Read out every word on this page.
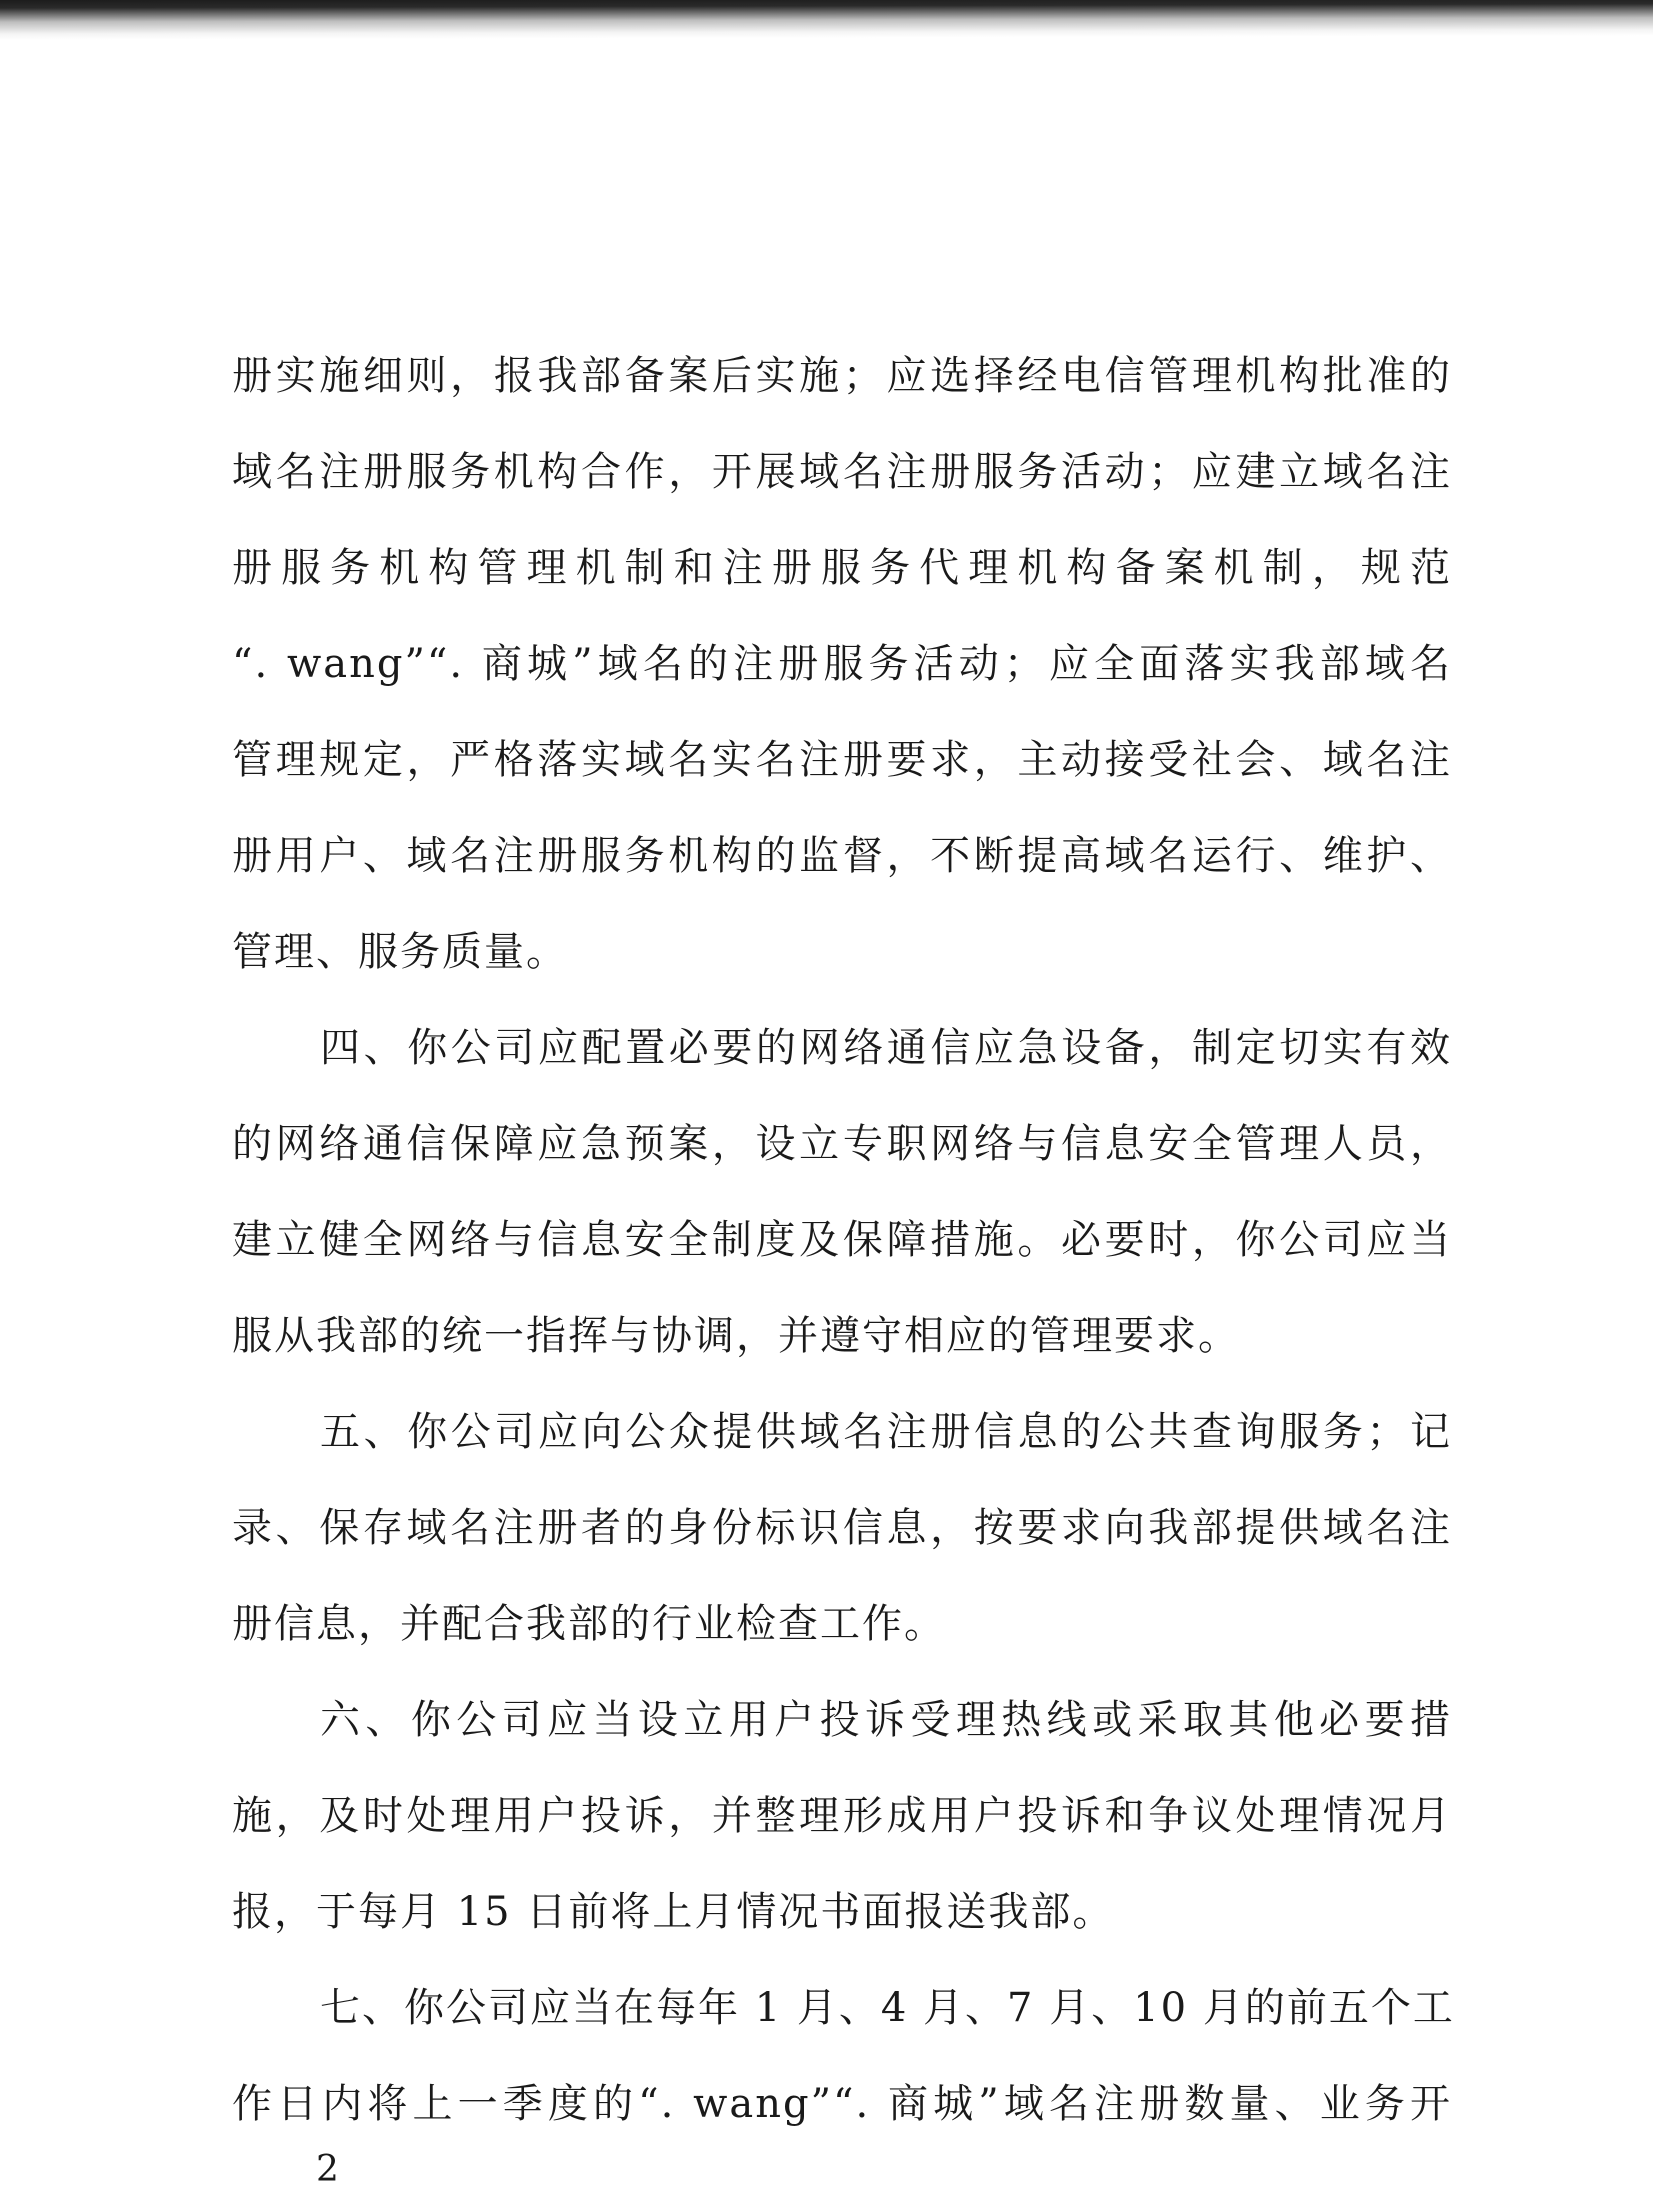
册实施细则，报我部备案后实施；应选择经电信管理机构批准的
域名注册服务机构合作，开展域名注册服务活动；应建立域名注
册服务机构管理机制和注册服务代理机构备案机制，规范
“. wang”“. 商城”域名的注册服务活动；应全面落实我部域名
管理规定，严格落实域名实名注册要求，主动接受社会、域名注
册用户、域名注册服务机构的监督，不断提高域名运行、维护、
管理、服务质量。
四、你公司应配置必要的网络通信应急设备，制定切实有效
的网络通信保障应急预案，设立专职网络与信息安全管理人员，
建立健全网络与信息安全制度及保障措施。必要时，你公司应当
服从我部的统一指挥与协调，并遵守相应的管理要求。
五、你公司应向公众提供域名注册信息的公共查询服务；记
录、保存域名注册者的身份标识信息，按要求向我部提供域名注
册信息，并配合我部的行业检查工作。
六、你公司应当设立用户投诉受理热线或采取其他必要措
施，及时处理用户投诉，并整理形成用户投诉和争议处理情况月
报，于每月 15 日前将上月情况书面报送我部。
七、你公司应当在每年 1 月、4 月、7 月、10 月的前五个工
作日内将上一季度的“. wang”“. 商城”域名注册数量、业务开
2
